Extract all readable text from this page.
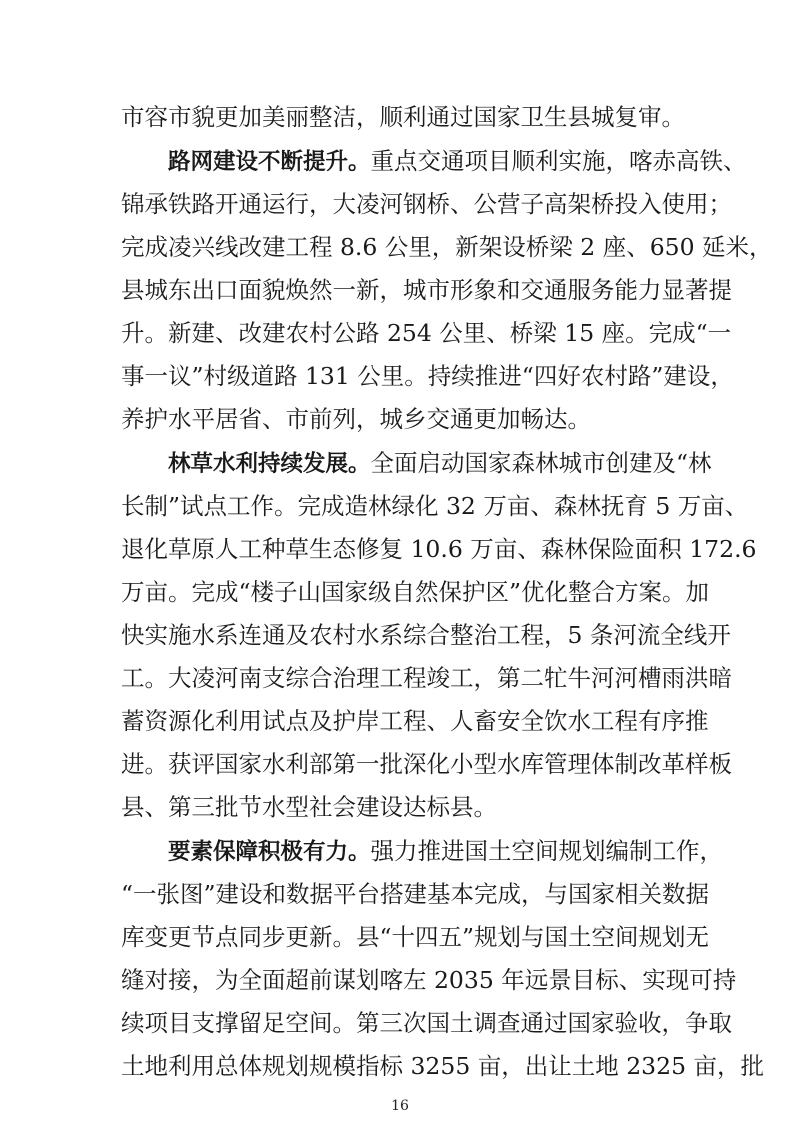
市容市貌更加美丽整洁，顺利通过国家卫生县城复审。
路网建设不断提升。重点交通项目顺利实施，喀赤高铁、
锦承铁路开通运行，大凌河钢桥、公营子高架桥投入使用；
完成凌兴线改建工程 8.6 公里，新架设桥梁 2 座、650 延米，
县城东出口面貌焕然一新，城市形象和交通服务能力显著提
升。新建、改建农村公路 254 公里、桥梁 15 座。完成“一
事一议”村级道路 131 公里。持续推进“四好农村路”建设，
养护水平居省、市前列，城乡交通更加畅达。
林草水利持续发展。全面启动国家森林城市创建及“林
长制”试点工作。完成造林绿化 32 万亩、森林抚育 5 万亩、
退化草原人工种草生态修复 10.6 万亩、森林保险面积 172.6
万亩。完成“楼子山国家级自然保护区”优化整合方案。加
快实施水系连通及农村水系综合整治工程，5 条河流全线开
工。大凌河南支综合治理工程竣工，第二牤牛河河槽雨洪暗
蓄资源化利用试点及护岸工程、人畜安全饮水工程有序推
进。获评国家水利部第一批深化小型水库管理体制改革样板
县、第三批节水型社会建设达标县。
要素保障积极有力。强力推进国土空间规划编制工作，
“一张图”建设和数据平台搭建基本完成，与国家相关数据
库变更节点同步更新。县“十四五”规划与国土空间规划无
缝对接，为全面超前谋划喀左 2035 年远景目标、实现可持
续项目支撑留足空间。第三次国土调查通过国家验收，争取
土地利用总体规划规模指标 3255 亩，出让土地 2325 亩，批
16
